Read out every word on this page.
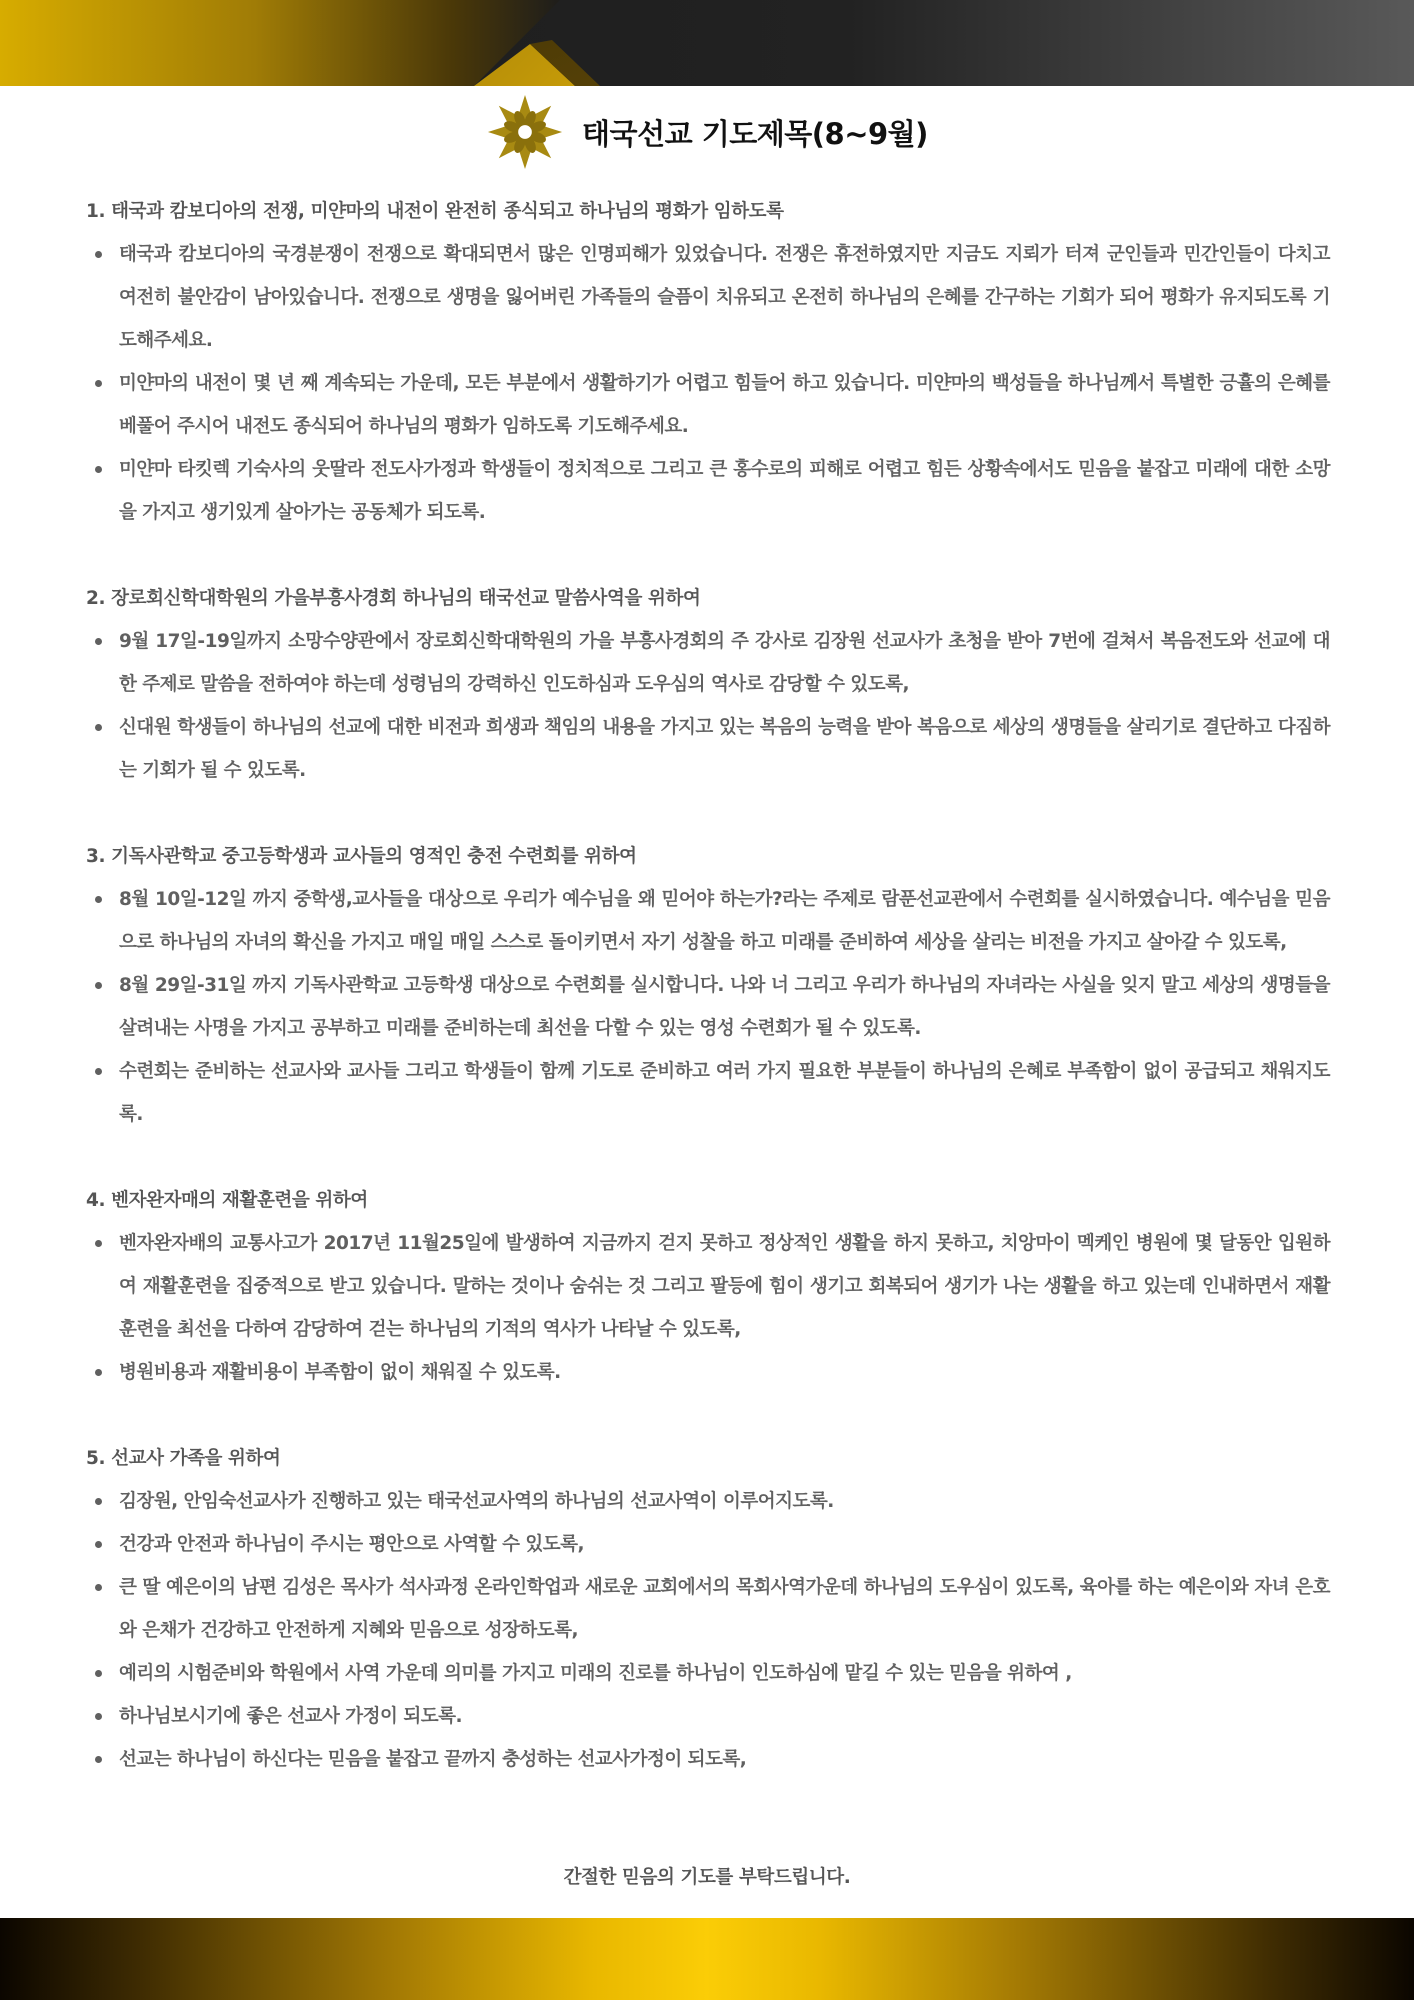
태국선교 기도제목(8~9월)
1. 태국과 캄보디아의 전쟁, 미얀마의 내전이 완전히 종식되고 하나님의 평화가 임하도록
태국과 캄보디아의 국경분쟁이 전쟁으로 확대되면서 많은 인명피해가 있었습니다. 전쟁은 휴전하였지만 지금도 지뢰가 터져 군인들과 민간인들이 다치고 여전히 불안감이 남아있습니다. 전쟁으로 생명을 잃어버린 가족들의 슬픔이 치유되고 온전히 하나님의 은혜를 간구하는 기회가 되어 평화가 유지되도록 기도해주세요.
미얀마의 내전이 몇 년 째 계속되는 가운데, 모든 부분에서 생활하기가 어렵고 힘들어 하고 있습니다. 미얀마의 백성들을 하나님께서 특별한 긍휼의 은혜를 베풀어 주시어 내전도 종식되어 하나님의 평화가 임하도록 기도해주세요.
미얀마 타킷렉 기숙사의 웃딸라 전도사가정과 학생들이 정치적으로 그리고 큰 홍수로의 피해로 어렵고 힘든 상황속에서도 믿음을 붙잡고 미래에 대한 소망을 가지고 생기있게 살아가는 공동체가 되도록.
2. 장로회신학대학원의 가을부흥사경회 하나님의 태국선교 말씀사역을 위하여
9월 17일-19일까지 소망수양관에서 장로회신학대학원의 가을 부흥사경회의 주 강사로 김장원 선교사가 초청을 받아 7번에 걸쳐서 복음전도와 선교에 대한 주제로 말씀을 전하여야 하는데 성령님의 강력하신 인도하심과 도우심의 역사로 감당할 수 있도록,
신대원 학생들이 하나님의 선교에 대한 비전과 희생과 책임의 내용을 가지고 있는 복음의 능력을 받아 복음으로 세상의 생명들을 살리기로 결단하고 다짐하는 기회가 될 수 있도록.
3. 기독사관학교 중고등학생과 교사들의 영적인 충전 수련회를 위하여
8월 10일-12일 까지 중학생,교사들을 대상으로 우리가 예수님을 왜 믿어야 하는가?라는 주제로 람푼선교관에서 수련회를 실시하였습니다. 예수님을 믿음으로 하나님의 자녀의 확신을 가지고 매일 매일 스스로 돌이키면서 자기 성찰을 하고 미래를 준비하여 세상을 살리는 비전을 가지고 살아갈 수 있도록,
8월 29일-31일 까지 기독사관학교 고등학생 대상으로 수련회를 실시합니다. 나와 너 그리고 우리가 하나님의 자녀라는 사실을 잊지 말고 세상의 생명들을 살려내는 사명을 가지고 공부하고 미래를 준비하는데 최선을 다할 수 있는 영성 수련회가 될 수 있도록.
수련회는 준비하는 선교사와 교사들 그리고 학생들이 함께 기도로 준비하고 여러 가지 필요한 부분들이 하나님의 은혜로 부족함이 없이 공급되고 채워지도록.
4. 벤자완자매의 재활훈련을 위하여
벤자완자배의 교통사고가 2017년 11월25일에 발생하여 지금까지 걷지 못하고 정상적인 생활을 하지 못하고, 치앙마이 멕케인 병원에 몇 달동안 입원하여 재활훈련을 집중적으로 받고 있습니다. 말하는 것이나 숨쉬는 것 그리고 팔등에 힘이 생기고 회복되어 생기가 나는 생활을 하고 있는데 인내하면서 재활훈련을 최선을 다하여 감당하여 걷는 하나님의 기적의 역사가 나타날 수 있도록,
병원비용과 재활비용이 부족함이 없이 채워질 수 있도록.
5. 선교사 가족을 위하여
김장원, 안임숙선교사가 진행하고 있는 태국선교사역의 하나님의 선교사역이 이루어지도록.
건강과 안전과 하나님이 주시는 평안으로 사역할 수 있도록,
큰 딸 예은이의 남편 김성은 목사가 석사과정 온라인학업과 새로운 교회에서의 목회사역가운데 하나님의 도우심이 있도록, 육아를 하는 예은이와 자녀 은호와 은채가 건강하고 안전하게 지혜와 믿음으로 성장하도록,
예리의 시험준비와 학원에서 사역 가운데 의미를 가지고 미래의 진로를 하나님이 인도하심에 맡길 수 있는 믿음을 위하여 ,
하나님보시기에 좋은 선교사 가정이 되도록.
선교는 하나님이 하신다는 믿음을 붙잡고 끝까지 충성하는 선교사가정이 되도록,
간절한 믿음의 기도를 부탁드립니다.
